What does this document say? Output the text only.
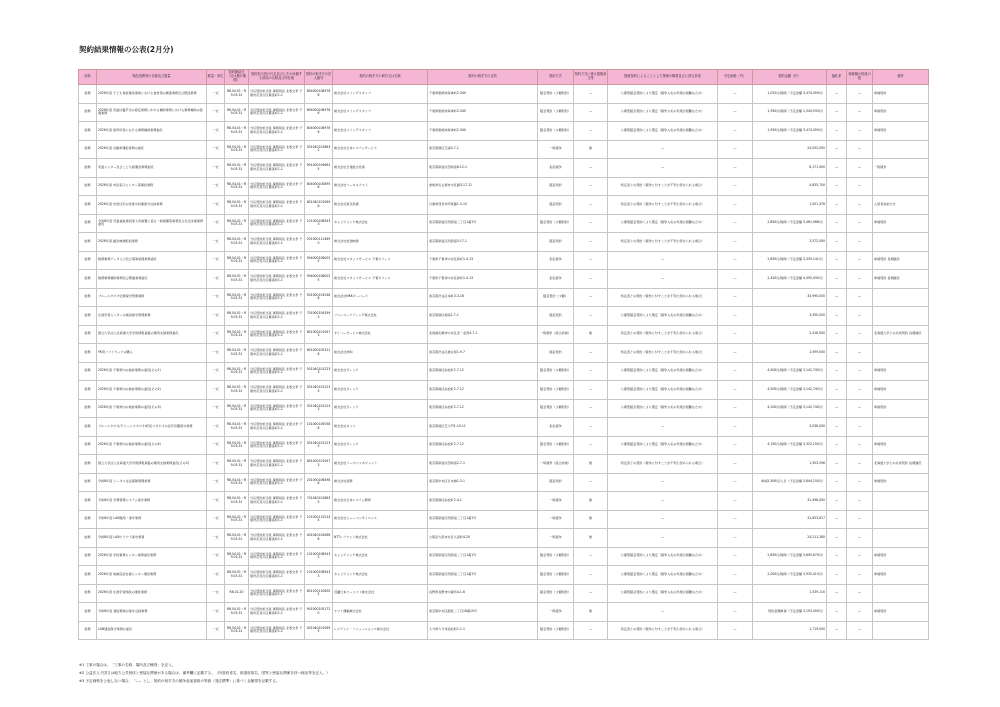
契約結果情報の公表(2月分)
部局	物品役務等の名称及び数量	数量・単位	契約締結日（又は履行期間）	契約担当役の氏名並びにその所属する部局の名称及び所在地	契約の相手方の法人番号	契約の相手方の商号又は名称	契約の相手方の住所	契約方式	契約方式に係る根拠条文等	随意契約によることとした業務の概要並びに該当条項	予定価格（円）	契約金額（円）	落札率	再就職の役員の数	備考
総務	2026年度 子ども食堂運営事業における食材等の調達業務及び配送業務	一式	R8.04.01～R9.03.31	分任契約担当役 事務局長 北原文孝 千葉市花見川区幕張町1-1	8040001089766	株式会社スイングスタッフ	千葉県船橋市海神町2-340	随意契約（少額契約）	—	公募型随意契約により選定（競争入札の実施が困難なため）	—	1,052円/時間（予定金額 3,474,459円）	—	—	単価契約
総務	2026年度 児童扶養手当の認定業務にかかる補助業務における事務補助の派遣業務	一式	R8.04.01～R9.03.31	分任契約担当役 事務局長 北原文孝 千葉市花見川区幕張町1-1	8040001089766	株式会社スイングスタッフ	千葉県船橋市海神町2-340	随意契約（少額契約）	—	公募型随意契約により選定（競争入札の実施が困難なため）	—	1,950円/時間（予定金額 1,344,933円）	—	—	単価契約
総務	2026年度 保育所等における事務補助業務委託	一式	R8.04.01～R9.03.31	分任契約担当役 事務局長 北原文孝 千葉市花見川区幕張町1-1	8040001089766	株式会社スイングスタッフ	千葉県船橋市海神町2-340	随意契約（少額契約）	—	公募型随意契約により選定（競争入札の実施が困難なため）	—	1,950円/時間（予定金額 3,474,459円）	—	—	単価契約
総務	2026年度 自動車運転業務の委託	一式	R8.04.01～R9.03.31	分任契約担当役 事務局長 北原文孝 千葉市花見川区幕張町1-1	5010401018632	株式会社日本システムサービス	東京都港区芝浦3-7-1	一般競争	無	—	—	24,032,000	—	—	
総務	児童センター及びこども館運営業務委託	一式	R8.04.01～R9.03.31	分任契約担当役 事務局長 北原文孝 千葉市花見川区幕張町1-1	9010001096625	株式会社日建総合技術	東京都新宿区西新宿6-12-1	指名競争	—	—	—	6,171,000	—	—	一般競争
総務	2026年度 市民窓口センター等運営業務	一式	R8.04.01～R9.03.31	分任契約担当役 事務局長 北原文孝 千葉市花見川区幕張町1-1	8040001008956	株式会社ユーロネクスト	愛知県名古屋市中区錦3-17-11	随意契約	—	特定者との契約（競争に付すことが不利と認められる場合）	—	4,835,700	—	—	
総務	2026年度 市営住宅の給排水設備保守点検業務	一式	R8.04.01～R9.03.31	分任契約担当役 事務局長 北原文孝 千葉市花見川区幕張町1-1	8010401010698	株式会社東京設備	兵庫県西宮市甲東園1-3-10	随意契約	—	特定者との契約（競争に付すことが不利と認められる場合）	—	1,001,376	—	—	入居者負担方式
総務	令和8年度 児童福祉施設等入所措置に係る一時保護等業務及び生活支援業務委託	一式	R8.04.01～R9.03.31	分任契約担当役 事務局長 北原文孝 千葉市花見川区幕張町1-1	1010001089433	キャリアリンク株式会社	東京都新宿区西新宿二丁目1番1号	随意契約（少額契約）	—	公募型随意契約により選定（競争入札の実施が困難なため）	—	2,850円/時間（予定金額 3,461,988円）	—	—	単価契約
総務	2026年度 議会映像配信業務	一式	R8.04.01～R9.03.31	分任契約担当役 事務局長 北原文孝 千葉市花見川区幕張町1-1	2010001114690	株式会社放送映像	東京都新宿区西新宿5-17-1	随意契約	—	特定者との契約（競争に付すことが不利と認められる場合）	—	3,572,000	—	—	
総務	税務事務データ入力及び電算処理業務委託	一式	R8.04.01～R9.03.31	分任契約担当役 事務局長 北原文孝 千葉市花見川区幕張町1-1	9040001060025	株式会社スタッフサービス 千葉オフィス	千葉県千葉市中央区新町1-4-13	指名競争	—	—	—	2,850円/時間（予定金額 3,335,141円）	—	—	単価契約 長期継続
総務	税務事務補助業務及び関連業務委託	一式	R8.04.01～R9.03.31	分任契約担当役 事務局長 北原文孝 千葉市花見川区幕張町1-1	9040001060025	株式会社スタッフサービス 千葉オフィス	千葉県千葉市中央区新町1-4-13	指名競争	—	—	—	2,420円/時間（予定金額 4,495,430円）	—	—	単価契約 長期継続
総務	ブルースタジオ空調保守管理業務	一式	R8.04.01～R9.03.31	分任契約担当役 事務局長 北原文孝 千葉市花見川区幕張町1-1	5010001032488	株式会社NKKオーパーズ	東京都渋谷区本町3-3-16	随意契約（少額）	—	特定者との契約（競争に付すことが不利と認められる場合）	—	33,990,000	—	—	
総務	生涯学習センターの施設保守管理業務	一式	R8.04.01～R9.03.31	分任契約担当役 事務局長 北原文孝 千葉市花見川区幕張町1-1	7010001042993	ソニーマーケティング株式会社	東京都港区港南1-7-1	随意契約	—	公募型随意契約により選定（競争入札の実施が困難なため）	—	3,550,000	—	—	
総務	国立大学法人北海道大学学術情報基盤の運用支援業務委託	一式	R8.04.01～R9.03.31	分任契約担当役 事務局長 北原文孝 千葉市花見川区幕張町1-1	6010001019473	サイバーサービス株式会社	北海道札幌市中央区北一条西4-7-1	一般競争（総合評価）	無	特定者との契約（競争に付すことが不利と認められる場合）	—	2,416,000	—	—	北海道大学との共同契約 長期継続
総務	YK用ソフトウェアの購入	一式	R8.04.01～R9.03.31	分任契約担当役 事務局長 北原文孝 千葉市花見川区幕張町1-1	6010001053218	株式会社伸和	東京都渋谷区道玄坂1-9-7	随意契約	—	特定者との契約（競争に付すことが不利と認められる場合）	—	1,599,000	—	—	
総務	2026年度 千葉県内の検診業務の委託(その1)	一式	R8.04.01～R9.03.31	分任契約担当役 事務局長 北原文孝 千葉市花見川区幕張町1-1	5010401012233	株式会社ヴィック	東京都港区浜松町2-7-12	随意契約（少額契約）	—	公募型随意契約により選定（競争入札の実施が困難なため）	—	4,500円/時間（予定金額 3,142,740円）	—	—	単価契約
総務	2026年度 千葉県内の検診業務の委託(その2)	一式	R8.04.01～R9.03.31	分任契約担当役 事務局長 北原文孝 千葉市花見川区幕張町1-1	5010401012233	株式会社ヴィック	東京都港区浜松町2-7-12	随意契約（少額契約）	—	公募型随意契約により選定（競争入札の実施が困難なため）	—	4,500円/時間（予定金額 3,142,740円）	—	—	単価契約
総務	2026年度 千葉県内の検診業務の委託(その3)	一式	R8.04.01～R9.03.31	分任契約担当役 事務局長 北原文孝 千葉市花見川区幕張町1-1	5010401012233	株式会社ヴィック	東京都港区浜松町2-7-12	随意契約（少額契約）	—	公募型随意契約により選定（競争入札の実施が困難なため）	—	4,200円/時間（予定金額 3,142,740円）	—	—	単価契約
総務	ブルースタジオ/グリーンスタジオ/町民スタジオの音声音響保守業務	一式	R8.04.01～R9.03.31	分任契約担当役 事務局長 北原文孝 千葉市花見川区幕張町1-1	1010001050588	株式会社ネッツ	東京都港区芝大門1-10-11	指名競争	—	—	—	3,036,000	—	—	
総務	2026年度 千葉県内の検診業務の委託(その4)	一式	R8.04.01～R9.03.31	分任契約担当役 事務局長 北原文孝 千葉市花見川区幕張町1-1	5010401012233	株式会社ヴィック	東京都港区浜松町2-7-12	随意契約（少額契約）	—	公募型随意契約により選定（競争入札の実施が困難なため）	—	4,150円/時間（予定金額 3,322,100円）	—	—	単価契約
総務	国立大学法人北海道大学学術情報基盤の運用支援業務委託(その2)	一式	R8.04.01～R9.03.31	分任契約担当役 事務局長 北原文孝 千葉市花見川区幕張町1-1	6010001019473	株式会社ユーボンマネジメント	東京都新宿区西新宿2-7-1	一般競争（総合評価）	無	特定者との契約（競争に付すことが不利と認められる場合）	—	1,553,298	—	—	北海道大学との共同契約 長期継続
総務	令和8年度 トータル生活保障管理業務	一式	R8.04.01～R9.03.31	分任契約担当役 事務局長 北原文孝 千葉市花見川区幕張町1-1	2010001064988	株式会社商研	東京都中央区日本橋1-3-1	随意契約	—	—	—	単価2,300円/人日（予定金額 3,844,150円）	—	—	単価契約
総務	令和8年度 学務管理システム保守業務	一式	R8.04.01～R9.03.31	分任契約担当役 事務局長 北原文孝 千葉市花見川区幕張町1-1	7010401018635	株式会社日本システム開発	東京都港区浜松町2-4-1	一般競争	無	—	—	31,496,000	—	—	
総務	令和8年度 LAN運用・保守業務	一式	R8.04.01～R9.03.31	分任契約担当役 事務局長 北原文孝 千葉市花見川区幕張町1-1	1010001152244	株式会社ヒューマンサイエンス	東京都新宿区西新宿二丁目1番1号	一般競争	無	—	—	31,653,817	—	—	
総務	令和8年度 LANクラウド保守業務	一式	R8.04.01～R9.03.31	分任契約担当役 事務局長 北原文孝 千葉市花見川区幕張町1-1	4010401044668	NTTレゾナント株式会社	大阪府大阪市北区大深町4-20	一般競争	無	—	—	24,211,280	—	—	
総務	2026年度 学校事務センター業務委託業務	一式	R8.04.01～R9.03.31	分任契約担当役 事務局長 北原文孝 千葉市花見川区幕張町1-1	1010001089433	キャリアリンク株式会社	東京都新宿区西新宿二丁目1番1号	随意契約（少額契約）	—	公募型随意契約により選定（競争入札の実施が困難なため）	—	2,850円/時間（予定金額 3,695,670円）	—	—	単価契約
総務	2026年度 地域包括支援センター運営業務	一式	R8.04.01～R9.03.31	分任契約担当役 事務局長 北原文孝 千葉市花見川区幕張町1-1	1010001089433	キャリアリンク株式会社	東京都新宿区西新宿二丁目1番1号	随意契約（少額契約）	—	公募型随意契約により選定（競争入札の実施が困難なため）	—	2,000円/時間（予定金額 3,935,413円）	—	—	単価契約
総務	2026年度 生涯学習施設の運営業務	一式	R8.01.20	分任契約担当役 事務局長 北原文孝 千葉市花見川区幕張町1-1	8011001106005	近畿日本ツーリスト株式会社	長野県長野市中御所4-1-6	随意契約（少額契約）	—	公募型随意契約により選定（競争入札の実施が困難なため）	—	1,539,110	—	—	
総務	令和8年度 通信環境の保守点検業務	一式	R8.04.01～R9.03.31	分任契約担当役 事務局長 北原文孝 千葉市花見川区幕張町1-1	9010001051720	ヤマト運輸株式会社	東京都中央区銀座二丁目16番10号	一般競争	無	—	—	契約金額単価（予定金額 3,193,400円）	—	—	単価契約
総務	LAN通信保守業務の委託	一式	R8.04.01～R9.03.31	分任契約担当役 事務局長 北原文孝 千葉市花見川区幕張町1-1	4010401010695	レジデント・ソリューションズ株式会社	大分県大分市高松町1-1-1	随意契約（少額契約）	—	特定者との契約（競争に付すことが不利と認められる場合）	—	1,719,000	—	—	
※1 工事の場合は、「工事の名称、場所及び種別」を記入。
※2 公益法人で国又は地方公共団体と密接な関係がある場合は、備考欄に記載する。（所管府省名、都道府県名、国等と密接な関係を持つ理由等を記入。）
※3 予定価格を公表しない場合、「—」とし、契約の相手方の競争参加資格の等級（発注標準）に基づく金額帯を記載する。
